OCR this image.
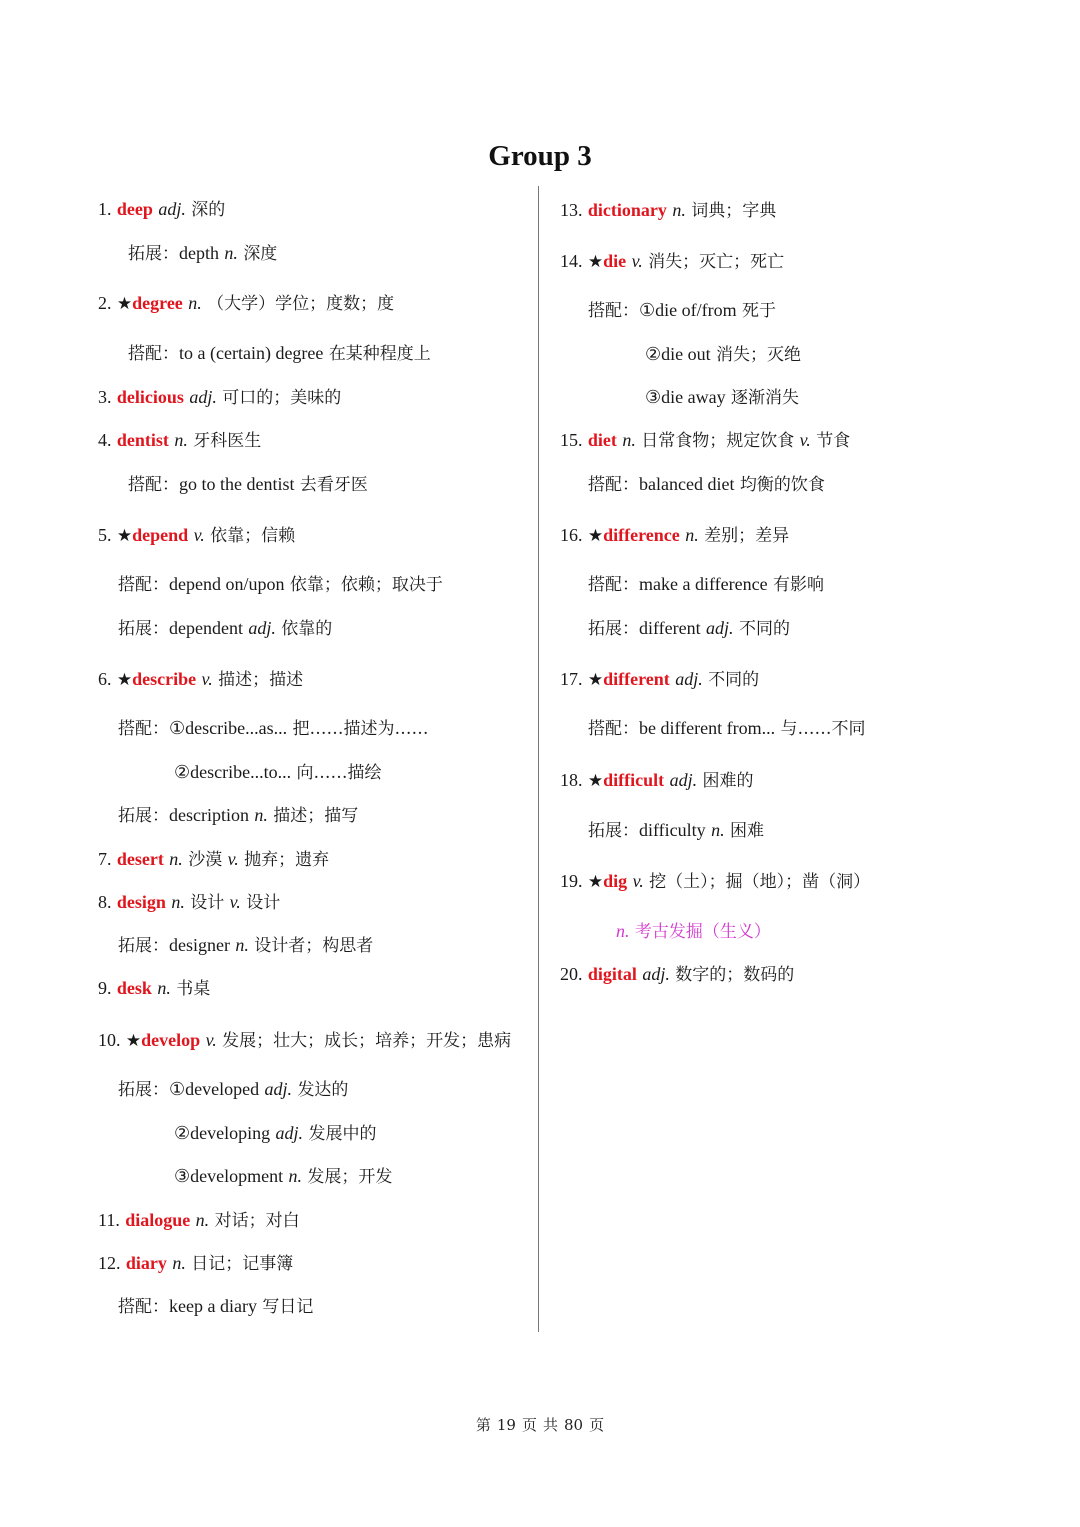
Group 3
1. deep adj. 深的
拓展：depth n. 深度
2. ★degree n. （大学）学位；度数；度
搭配：to a (certain) degree 在某种程度上
3. delicious adj. 可口的；美味的
4. dentist n. 牙科医生
搭配：go to the dentist 去看牙医
5. ★depend v. 依靠；信赖
搭配：depend on/upon 依靠；依赖；取决于
拓展：dependent adj. 依靠的
6. ★describe v. 描述；描述
搭配：①describe...as... 把……描述为……
②describe...to... 向……描绘
拓展：description n. 描述；描写
7. desert n. 沙漠 v. 抛弃；遗弃
8. design n. 设计 v. 设计
拓展：designer n. 设计者；构思者
9. desk n. 书桌
10. ★develop v. 发展；壮大；成长；培养；开发；患病
拓展：①developed adj. 发达的
②developing adj. 发展中的
③development n. 发展；开发
11. dialogue n. 对话；对白
12. diary n. 日记；记事簿
搭配：keep a diary 写日记
13. dictionary n. 词典；字典
14. ★die v. 消失；灭亡；死亡
搭配：①die of/from 死于
②die out 消失；灭绝
③die away 逐渐消失
15. diet n. 日常食物；规定饮食 v. 节食
搭配：balanced diet 均衡的饮食
16. ★difference n. 差别；差异
搭配：make a difference 有影响
拓展：different adj. 不同的
17. ★different adj. 不同的
搭配：be different from... 与……不同
18. ★difficult adj. 困难的
拓展：difficulty n. 困难
19. ★dig v. 挖（土）；掘（地）；凿（洞）
n. 考古发掘（生义）
20. digital adj. 数字的；数码的
第 19 页 共 80 页
